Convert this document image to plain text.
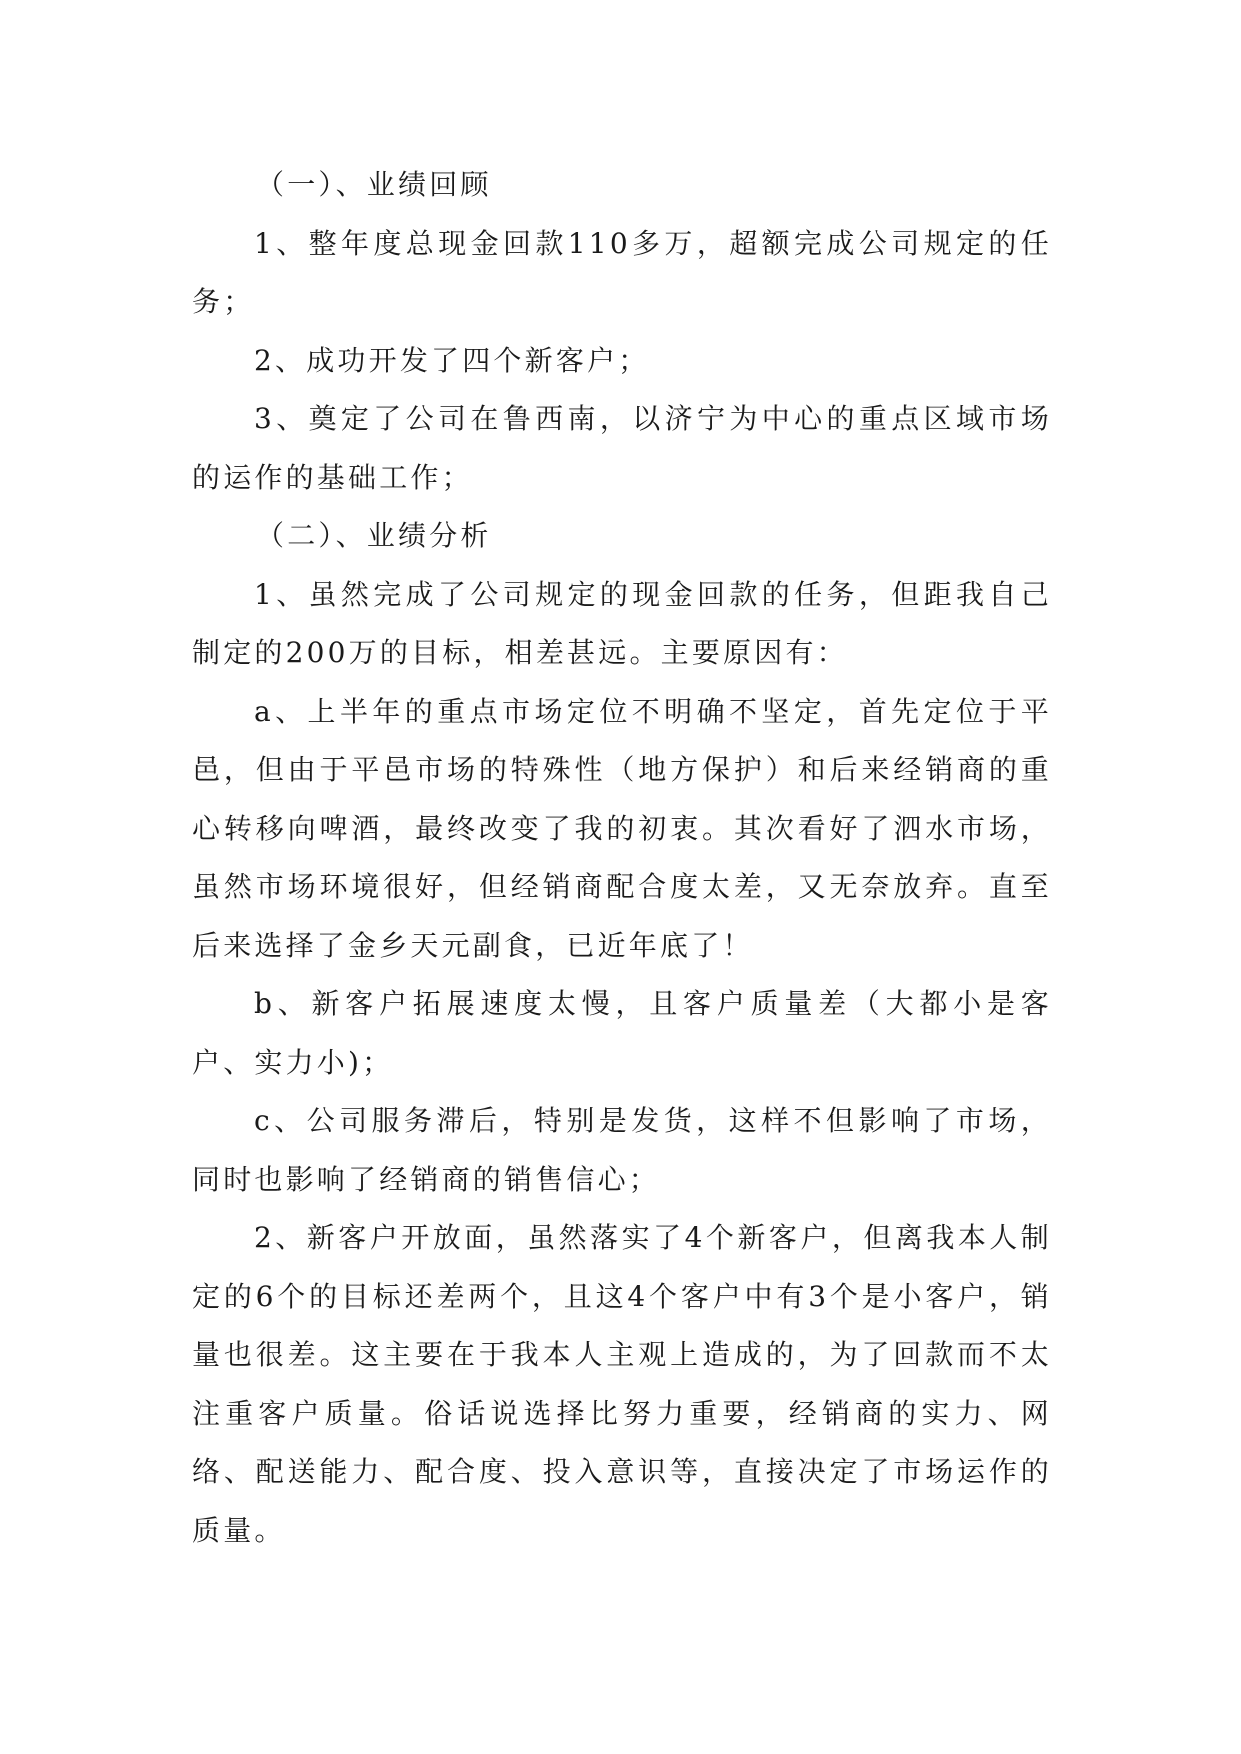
（一）、业绩回顾

1、整年度总现金回款110多万，超额完成公司规定的任务；

2、成功开发了四个新客户；

3、奠定了公司在鲁西南，以济宁为中心的重点区域市场的运作的基础工作；

（二）、业绩分析

1、虽然完成了公司规定的现金回款的任务，但距我自己制定的200万的目标，相差甚远。主要原因有：

a、上半年的重点市场定位不明确不坚定，首先定位于平邑，但由于平邑市场的特殊性（地方保护）和后来经销商的重心转移向啤酒，最终改变了我的初衷。其次看好了泗水市场，虽然市场环境很好，但经销商配合度太差，又无奈放弃。直至后来选择了金乡天元副食，已近年底了！

b、新客户拓展速度太慢，且客户质量差（大都小是客户、实力小)；

c、公司服务滞后，特别是发货，这样不但影响了市场，同时也影响了经销商的销售信心；

2、新客户开放面，虽然落实了4个新客户，但离我本人制定的6个的目标还差两个，且这4个客户中有3个是小客户，销量也很差。这主要在于我本人主观上造成的，为了回款而不太注重客户质量。俗话说选择比努力重要，经销商的实力、网络、配送能力、配合度、投入意识等，直接决定了市场运作的质量。
